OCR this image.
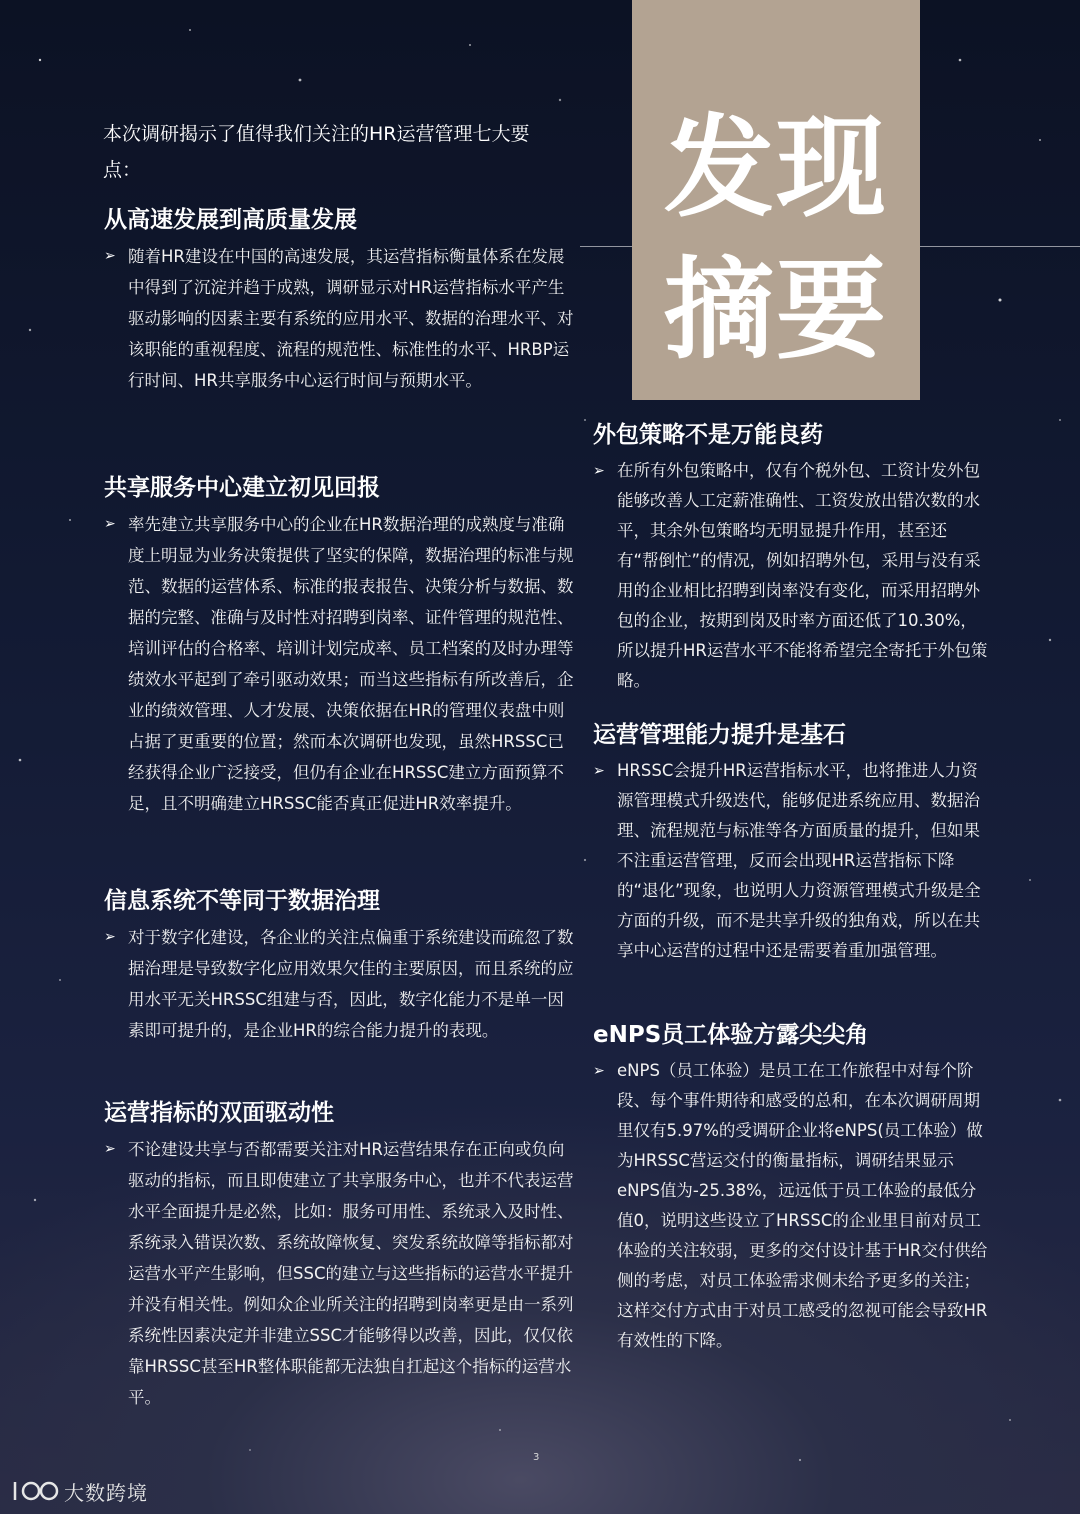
发现
摘要
本次调研揭示了值得我们关注的HR运营管理七大要点：
从高速发展到高质量发展
➢ 随着HR建设在中国的高速发展，其运营指标衡量体系在发展中得到了沉淀并趋于成熟，调研显示对HR运营指标水平产生驱动影响的因素主要有系统的应用水平、数据的治理水平、对该职能的重视程度、流程的规范性、标准性的水平、HRBP运行时间、HR共享服务中心运行时间与预期水平。
共享服务中心建立初见回报
➢ 率先建立共享服务中心的企业在HR数据治理的成熟度与准确度上明显为业务决策提供了坚实的保障，数据治理的标准与规范、数据的运营体系、标准的报表报告、决策分析与数据、数据的完整、准确与及时性对招聘到岗率、证件管理的规范性、培训评估的合格率、培训计划完成率、员工档案的及时办理等绩效水平起到了牵引驱动效果；而当这些指标有所改善后，企业的绩效管理、人才发展、决策依据在HR的管理仪表盘中则占据了更重要的位置；然而本次调研也发现，虽然HRSSC已经获得企业广泛接受，但仍有企业在HRSSC建立方面预算不足，且不明确建立HRSSC能否真正促进HR效率提升。
信息系统不等同于数据治理
➢ 对于数字化建设，各企业的关注点偏重于系统建设而疏忽了数据治理是导致数字化应用效果欠佳的主要原因，而且系统的应用水平无关HRSSC组建与否，因此，数字化能力不是单一因素即可提升的，是企业HR的综合能力提升的表现。
运营指标的双面驱动性
➢ 不论建设共享与否都需要关注对HR运营结果存在正向或负向驱动的指标，而且即使建立了共享服务中心，也并不代表运营水平全面提升是必然，比如：服务可用性、系统录入及时性、系统录入错误次数、系统故障恢复、突发系统故障等指标都对运营水平产生影响，但SSC的建立与这些指标的运营水平提升并没有相关性。例如众企业所关注的招聘到岗率更是由一系列系统性因素决定并非建立SSC才能够得以改善，因此，仅仅依靠HRSSC甚至HR整体职能都无法独自扛起这个指标的运营水平。
外包策略不是万能良药
➢ 在所有外包策略中，仅有个税外包、工资计发外包能够改善人工定薪准确性、工资发放出错次数的水平，其余外包策略均无明显提升作用，甚至还有“帮倒忙”的情况，例如招聘外包，采用与没有采用的企业相比招聘到岗率没有变化，而采用招聘外包的企业，按期到岗及时率方面还低了10.30%，所以提升HR运营水平不能将希望完全寄托于外包策略。
运营管理能力提升是基石
➢ HRSSC会提升HR运营指标水平，也将推进人力资源管理模式升级迭代，能够促进系统应用、数据治理、流程规范与标准等各方面质量的提升，但如果不注重运营管理，反而会出现HR运营指标下降的“退化”现象，也说明人力资源管理模式升级是全方面的升级，而不是共享升级的独角戏，所以在共享中心运营的过程中还是需要着重加强管理。
eNPS员工体验方露尖尖角
➢ eNPS（员工体验）是员工在工作旅程中对每个阶段、每个事件期待和感受的总和，在本次调研周期里仅有5.97%的受调研企业将eNPS(员工体验）做为HRSSC营运交付的衡量指标，调研结果显示eNPS值为-25.38%，远远低于员工体验的最低分值0，说明这些设立了HRSSC的企业里目前对员工体验的关注较弱，更多的交付设计基于HR交付供给侧的考虑，对员工体验需求侧未给予更多的关注；这样交付方式由于对员工感受的忽视可能会导致HR有效性的下降。
3
大数跨境
